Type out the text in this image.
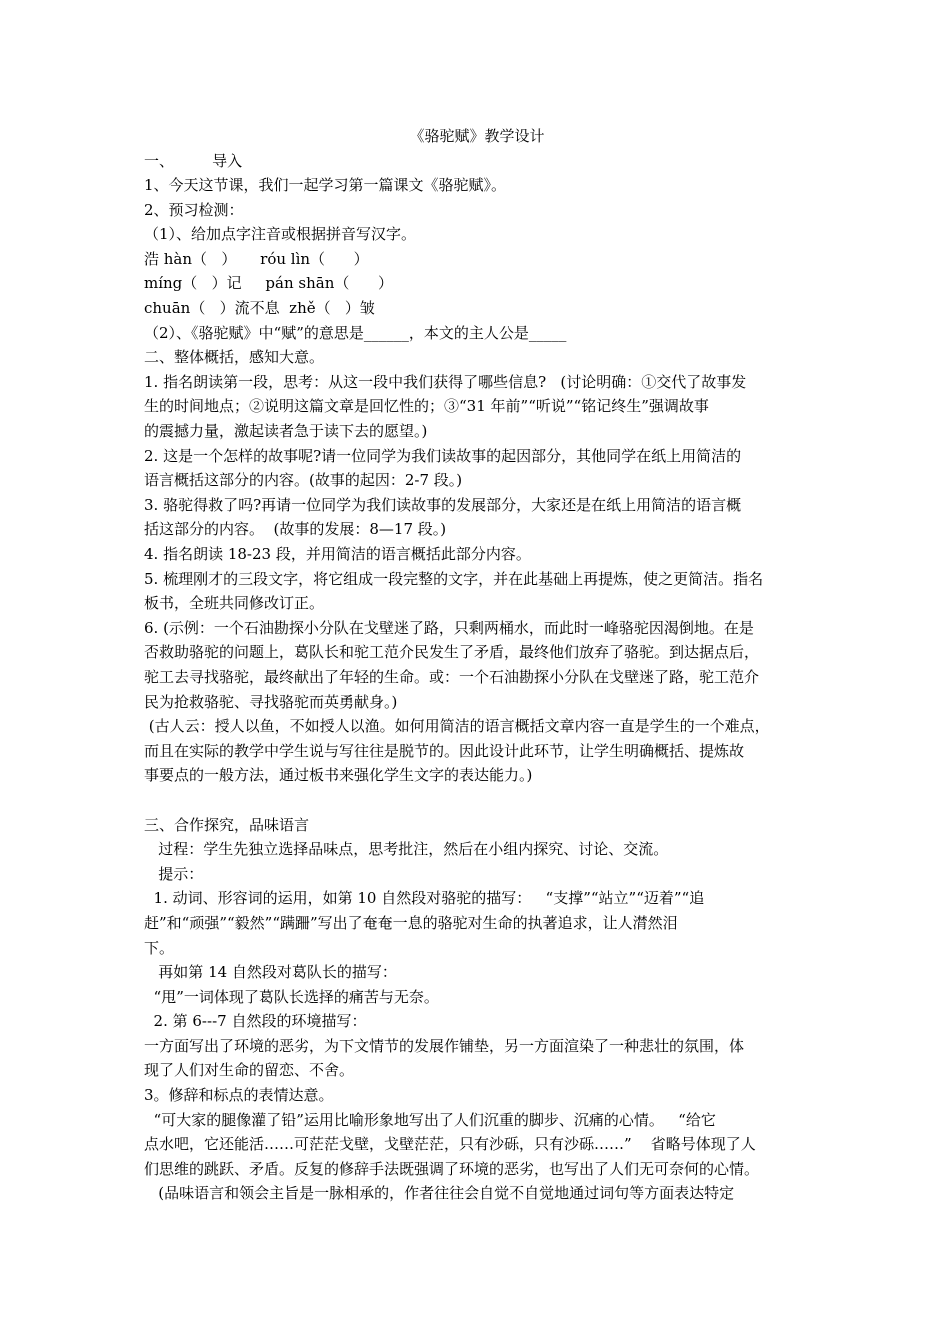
《骆驼赋》教学设计

一、        导入

1、今天这节课，我们一起学习第一篇课文《骆驼赋》。

2、预习检测：

（1）、给加点字注音或根据拼音写汉字。

浩 hàn（   ）     róu lìn（      ）

míng（   ）记     pán shān（      ）

chuān（   ）流不息  zhě（   ）皱

（2）、《骆驼赋》中“赋”的意思是______，本文的主人公是_____

二、整体概括，感知大意。

1. 指名朗读第一段，思考：从这一段中我们获得了哪些信息?   (讨论明确：①交代了故事发

生的时间地点；②说明这篇文章是回忆性的；③“31 年前”“听说”“铭记终生”强调故事

的震撼力量，激起读者急于读下去的愿望。)

2. 这是一个怎样的故事呢?请一位同学为我们读故事的起因部分，其他同学在纸上用简洁的

语言概括这部分的内容。(故事的起因：2-7 段。)

3. 骆驼得救了吗?再请一位同学为我们读故事的发展部分，大家还是在纸上用简洁的语言概

括这部分的内容。  (故事的发展：8—17 段。)

4. 指名朗读 18-23 段，并用简洁的语言概括此部分内容。

5. 梳理刚才的三段文字，将它组成一段完整的文字，并在此基础上再提炼，使之更简洁。指名

板书，全班共同修改订正。

6. (示例：一个石油勘探小分队在戈壁迷了路，只剩两桶水，而此时一峰骆驼因渴倒地。在是

否救助骆驼的问题上，葛队长和驼工范介民发生了矛盾，最终他们放弃了骆驼。到达据点后，

驼工去寻找骆驼，最终献出了年轻的生命。或：一个石油勘探小分队在戈壁迷了路，驼工范介

民为抢救骆驼、寻找骆驼而英勇献身。)

(古人云：授人以鱼，不如授人以渔。如何用简洁的语言概括文章内容一直是学生的一个难点，

而且在实际的教学中学生说与写往往是脱节的。因此设计此环节，让学生明确概括、提炼故

事要点的一般方法，通过板书来强化学生文字的表达能力。)

三、合作探究，品味语言

过程：学生先独立选择品味点，思考批注，然后在小组内探究、讨论、交流。

提示：

1. 动词、形容词的运用，如第 10 自然段对骆驼的描写：   “支撑”“站立”“迈着”“追

赶”和“顽强”“毅然”“蹒跚”写出了奄奄一息的骆驼对生命的执著追求，让人潸然泪

下。

再如第 14 自然段对葛队长的描写：

“甩”一词体现了葛队长选择的痛苦与无奈。

2. 第 6---7 自然段的环境描写：

一方面写出了环境的恶劣，为下文情节的发展作铺垫，另一方面渲染了一种悲壮的氛围，体

现了人们对生命的留恋、不舍。

3。修辞和标点的表情达意。

“可大家的腿像灌了铅”运用比喻形象地写出了人们沉重的脚步、沉痛的心情。   “给它

点水吧，它还能活……可茫茫戈壁，戈壁茫茫，只有沙砾，只有沙砾……”    省略号体现了人

们思维的跳跃、矛盾。反复的修辞手法既强调了环境的恶劣，也写出了人们无可奈何的心情。

(品味语言和领会主旨是一脉相承的，作者往往会自觉不自觉地通过词句等方面表达特定
